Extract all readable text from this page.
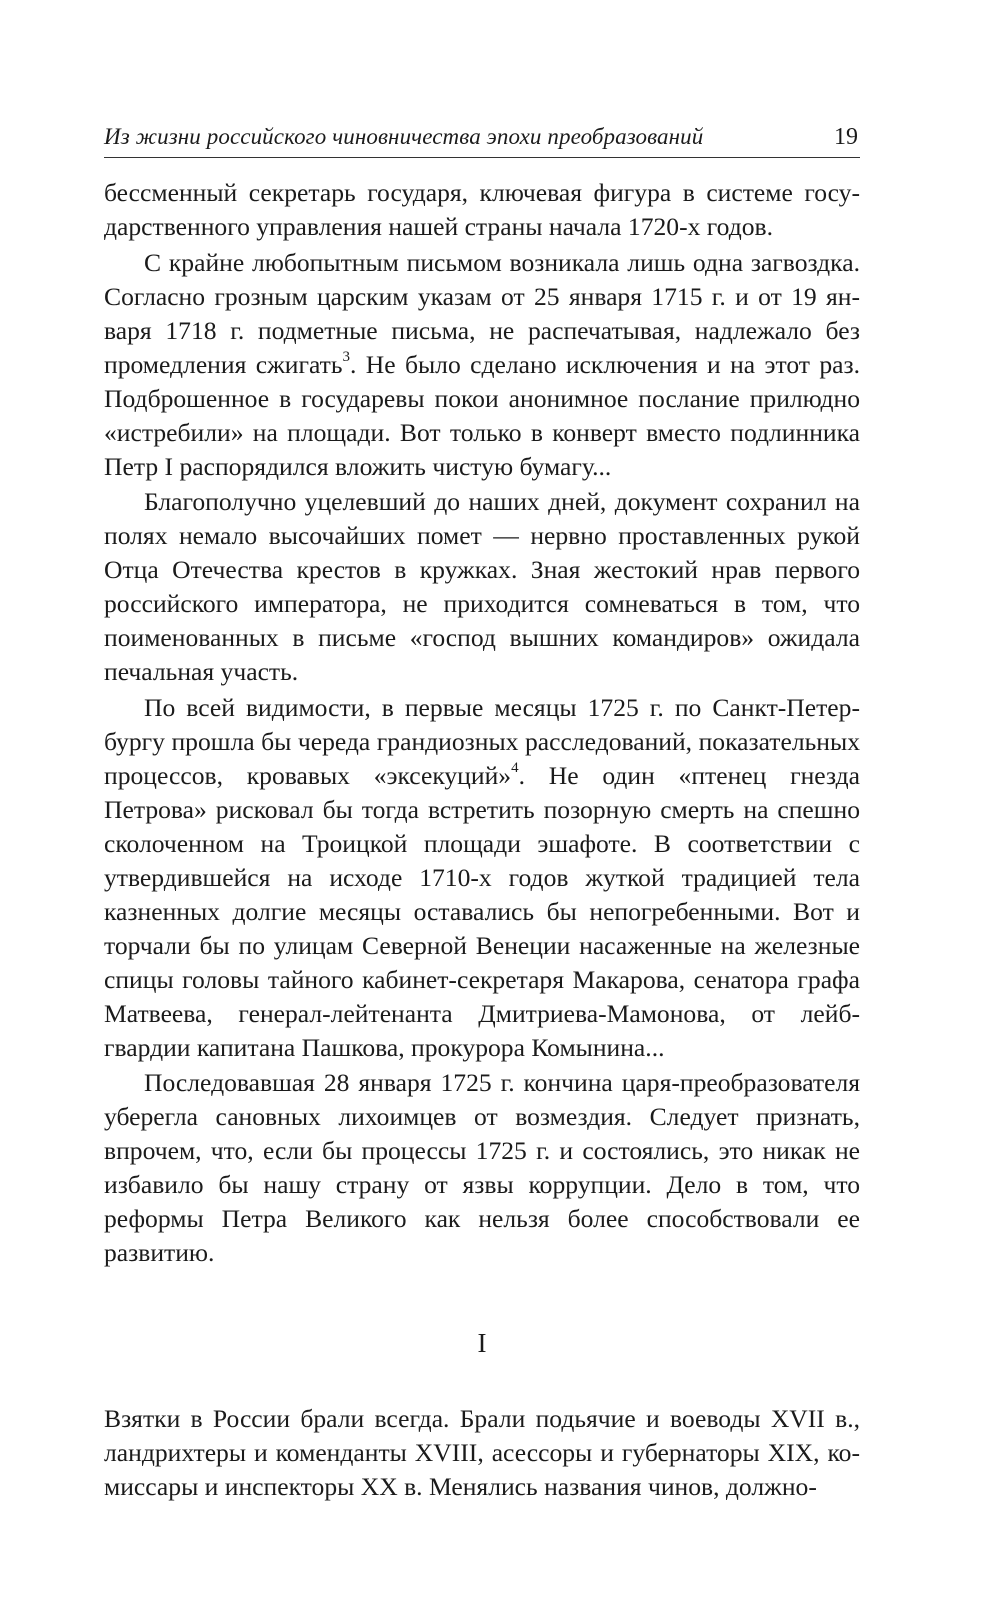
Из жизни российского чиновничества эпохи преобразований	19

бессменный секретарь государя, ключевая фигура в системе государственного управления нашей страны начала 1720-х годов.

С крайне любопытным письмом возникала лишь одна загвоздка. Согласно грозным царским указам от 25 января 1715 г. и от 19 января 1718 г. подметные письма, не распечатывая, надлежало без промедления сжигать$^3$. Не было сделано исключения и на этот раз. Подброшенное в государевы покои анонимное послание прилюдно «истребили» на площади. Вот только в конверт вместо подлинника Петр I распорядился вложить чистую бумагу...

Благополучно уцелевший до наших дней, документ сохранил на полях немало высочайших помет — нервно проставленных рукой Отца Отечества крестов в кружках. Зная жестокий нрав первого российского императора, не приходится сомневаться в том, что поименованных в письме «господ вышних командиров» ожидала печальная участь.

По всей видимости, в первые месяцы 1725 г. по Санкт-Петербургу прошла бы череда грандиозных расследований, показательных процессов, кровавых «эксекуций»$^4$. Не один «птенец гнезда Петрова» рисковал бы тогда встретить позорную смерть на спешно сколоченном на Троицкой площади эшафоте. В соответствии с утвердившейся на исходе 1710-х годов жуткой традицией тела казненных долгие месяцы оставались бы непогребенными. Вот и торчали бы по улицам Северной Венеции насаженные на железные спицы головы тайного кабинет-секретаря Макарова, сенатора графа Матвеева, генерал-лейтенанта Дмитриева-Мамонова, от лейбгвардии капитана Пашкова, прокурора Комынина...

Последовавшая 28 января 1725 г. кончина царя-преобразователя уберегла сановных лихоимцев от возмездия. Следует признать, впрочем, что, если бы процессы 1725 г. и состоялись, это никак не избавило бы нашу страну от язвы коррупции. Дело в том, что реформы Петра Великого как нельзя более способствовали ее развитию.

I

Взятки в России брали всегда. Брали подьячие и воеводы XVII в., ландрихтеры и коменданты XVIII, асессоры и губернаторы XIX, комиссары и инспекторы XX в. Менялись названия чинов, должно-
